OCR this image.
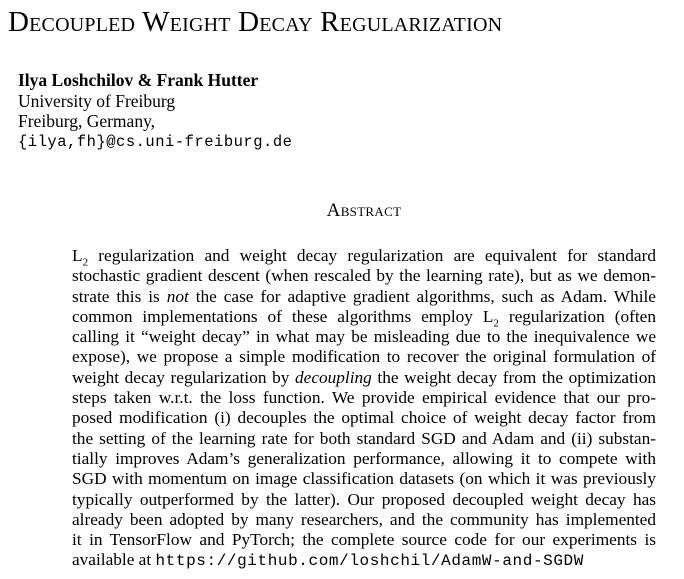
Decoupled Weight Decay Regularization
Ilya Loshchilov & Frank Hutter
University of Freiburg
Freiburg, Germany,
{ilya,fh}@cs.uni-freiburg.de
Abstract
$L_2$ regularization and weight decay regularization are equivalent for standard
stochastic gradient descent (when rescaled by the learning rate), but as we demon-
strate this is not the case for adaptive gradient algorithms, such as Adam. While
common implementations of these algorithms employ $L_2$ regularization (often
calling it “weight decay” in what may be misleading due to the inequivalence we
expose), we propose a simple modification to recover the original formulation of
weight decay regularization by decoupling the weight decay from the optimization
steps taken w.r.t. the loss function. We provide empirical evidence that our pro-
posed modification (i) decouples the optimal choice of weight decay factor from
the setting of the learning rate for both standard SGD and Adam and (ii) substan-
tially improves Adam’s generalization performance, allowing it to compete with
SGD with momentum on image classification datasets (on which it was previously
typically outperformed by the latter). Our proposed decoupled weight decay has
already been adopted by many researchers, and the community has implemented
it in TensorFlow and PyTorch; the complete source code for our experiments is
available at https://github.com/loshchil/AdamW-and-SGDW
